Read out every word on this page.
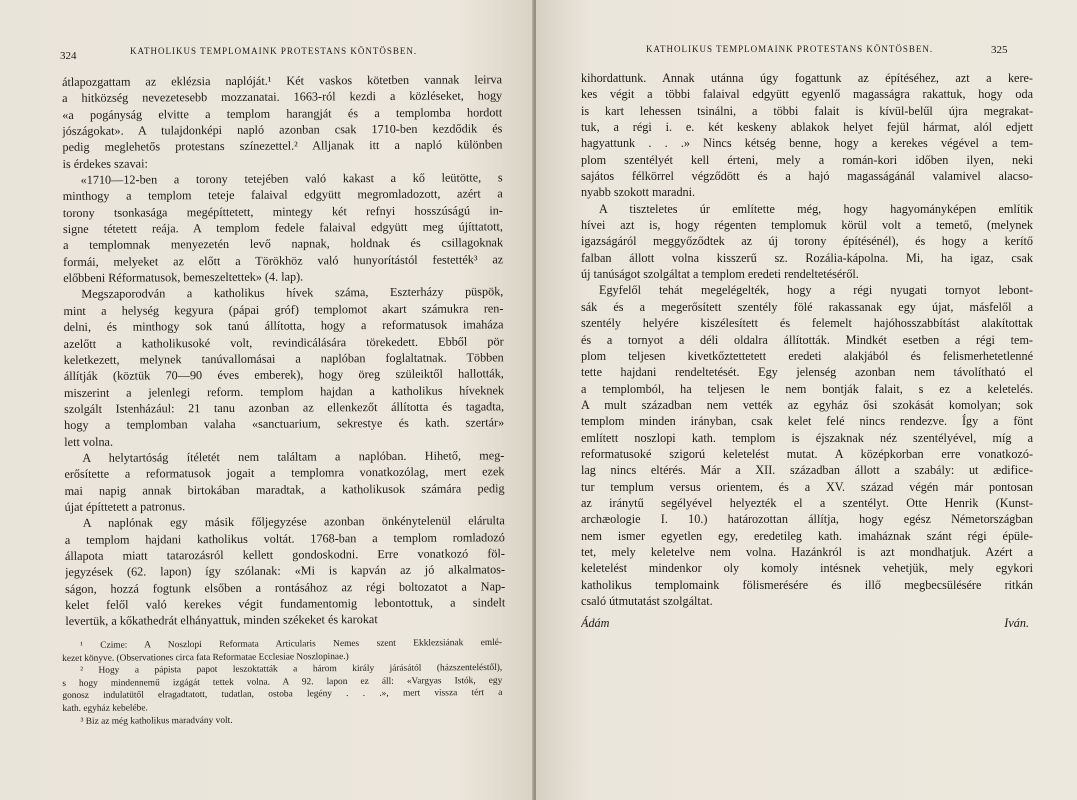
324	KATHOLIKUS TEMPLOMAINK PROTESTANS KÖNTÖSBEN.
átlapozgattam az eklézsia naplóját.¹ Két vaskos kötetben vannak leirva
a hitközség nevezetesebb mozzanatai. 1663-ról kezdi a közléseket, hogy
«a pogányság elvitte a templom harangját és a templomba hordott
jószágokat». A tulajdonképi napló azonban csak 1710-ben kezdődik és
pedig meglehetős protestans színezettel.² Alljanak itt a napló különben
is érdekes szavai:
«1710—12-ben a torony tetejében való kakast a kő leütötte, s
minthogy a templom teteje falaival edgyütt megromladozott, azért a
torony tsonkasága megépíttetett, mintegy két refnyi hosszúságú in-
signe tétetett reája. A templom fedele falaival edgyütt meg újíttatott,
a templomnak menyezetén levő napnak, holdnak és csillagoknak
formái, melyeket az előtt a Törökhöz való hunyorítástól festették³ az
előbbeni Réformatusok, bemeszeltettek» (4. lap).
Megszaporodván a katholikus hívek száma, Eszterházy püspök,
mint a helység kegyura (pápai gróf) templomot akart számukra ren-
delni, és minthogy sok tanú állította, hogy a reformatusok imaháza
azelőtt a katholikusoké volt, revindicálására törekedett. Ebből pör
keletkezett, melynek tanúvallomásai a naplóban foglaltatnak. Többen
állítják (köztük 70—90 éves emberek), hogy öreg szüleiktől hallották,
miszerint a jelenlegi reform. templom hajdan a katholikus híveknek
szolgált Istenházául: 21 tanu azonban az ellenkezőt állította és tagadta,
hogy a templomban valaha «sanctuarium, sekrestye és kath. szertár»
lett volna.
A helytartóság ítéletét nem találtam a naplóban. Hihető, meg-
erősítette a reformatusok jogait a templomra vonatkozólag, mert ezek
mai napig annak birtokában maradtak, a katholikusok számára pedig
újat építtetett a patronus.
A naplónak egy másik főljegyzése azonban önkénytelenül elárulta
a templom hajdani katholikus voltát. 1768-ban a templom romladozó
állapota miatt tatarozásról kellett gondoskodni. Erre vonatkozó föl-
jegyzések (62. lapon) így szólanak: «Mi is kapván az jó alkalmatos-
ságon, hozzá fogtunk elsőben a rontásához az régi boltozatot a Nap-
kelet felől való kerekes végit fundamentomig lebontottuk, a sindelt
levertük, a kőkathedrát elhányattuk, minden székeket és karokat
¹ Czime: A Noszlopi Reformata Articularis Nemes szent Ekklezsiának emlé-
kezet könyve. (Observationes circa fata Reformatae Ecclesiae Noszlopinae.)
² Hogy a pápista papot leszoktatták a három király járásától (házszenteléstől),
s hogy mindennemű izgágát tettek volna. A 92. lapon ez áll: «Vargyas Istók, egy
gonosz indulatütől elragadtatott, tudatlan, ostoba legény . . .», mert vissza tért a
kath. egyház kebelébe.
³ Biz az még katholikus maradvány volt.
KATHOLIKUS TEMPLOMAINK PROTESTANS KÖNTÖSBEN.	325
kihordattunk. Annak utánna úgy fogattunk az építéséhez, azt a kere-
kes végit a többi falaival edgyütt egyenlő magasságra rakattuk, hogy oda
is kart lehessen tsinálni, a többi falait is kívül-belűl újra megrakat-
tuk, a régi i. e. két keskeny ablakok helyet fejül hármat, alól edjett
hagyattunk . . .» Nincs kétség benne, hogy a kerekes végével a tem-
plom szentélyét kell érteni, mely a román-kori időben ilyen, neki
sajátos félkörrel végződött és a hajó magasságánál valamivel alacso-
nyabb szokott maradni.
A tiszteletes úr említette még, hogy hagyományképen említik
hívei azt is, hogy régenten templomuk körül volt a temető, (melynek
igazságáról meggyőződtek az új torony építésénél), és hogy a kerítő
falban állott volna kisszerű sz. Rozália-kápolna. Mi, ha igaz, csak
új tanúságot szolgáltat a templom eredeti rendeltetéséről.
Egyfelől tehát megelégelték, hogy a régi nyugati tornyot lebont-
sák és a megerősített szentély fölé rakassanak egy újat, másfelől a
szentély helyére kiszélesített és felemelt hajóhosszabbítást alakítottak
és a tornyot a déli oldalra állították. Mindkét esetben a régi tem-
plom teljesen kivetkőztettetett eredeti alakjából és felismerhetetlenné
tette hajdani rendeltetését. Egy jelenség azonban nem távolítható el
a templomból, ha teljesen le nem bontják falait, s ez a keletelés.
A mult században nem vették az egyház ősi szokását komolyan; sok
templom minden irányban, csak kelet felé nincs rendezve. Így a fönt
említett noszlopi kath. templom is éjszaknak néz szentélyével, míg a
reformatusoké szigorú keletelést mutat. A középkorban erre vonatkozó-
lag nincs eltérés. Már a XII. században állott a szabály: ut ædifice-
tur templum versus orientem, és a XV. század végén már pontosan
az iránytű segélyével helyezték el a szentélyt. Otte Henrik (Kunst-
archæologie I. 10.) határozottan állítja, hogy egész Németországban
nem ismer egyetlen egy, eredetileg kath. imaháznak szánt régi épüle-
tet, mely keletelve nem volna. Hazánkról is azt mondhatjuk. Azért a
keletelést mindenkor oly komoly intésnek vehetjük, mely egykori
katholikus templomaink fölismerésére és illő megbecsülésére ritkán
csaló útmutatást szolgáltat.
Ádám Iván.
